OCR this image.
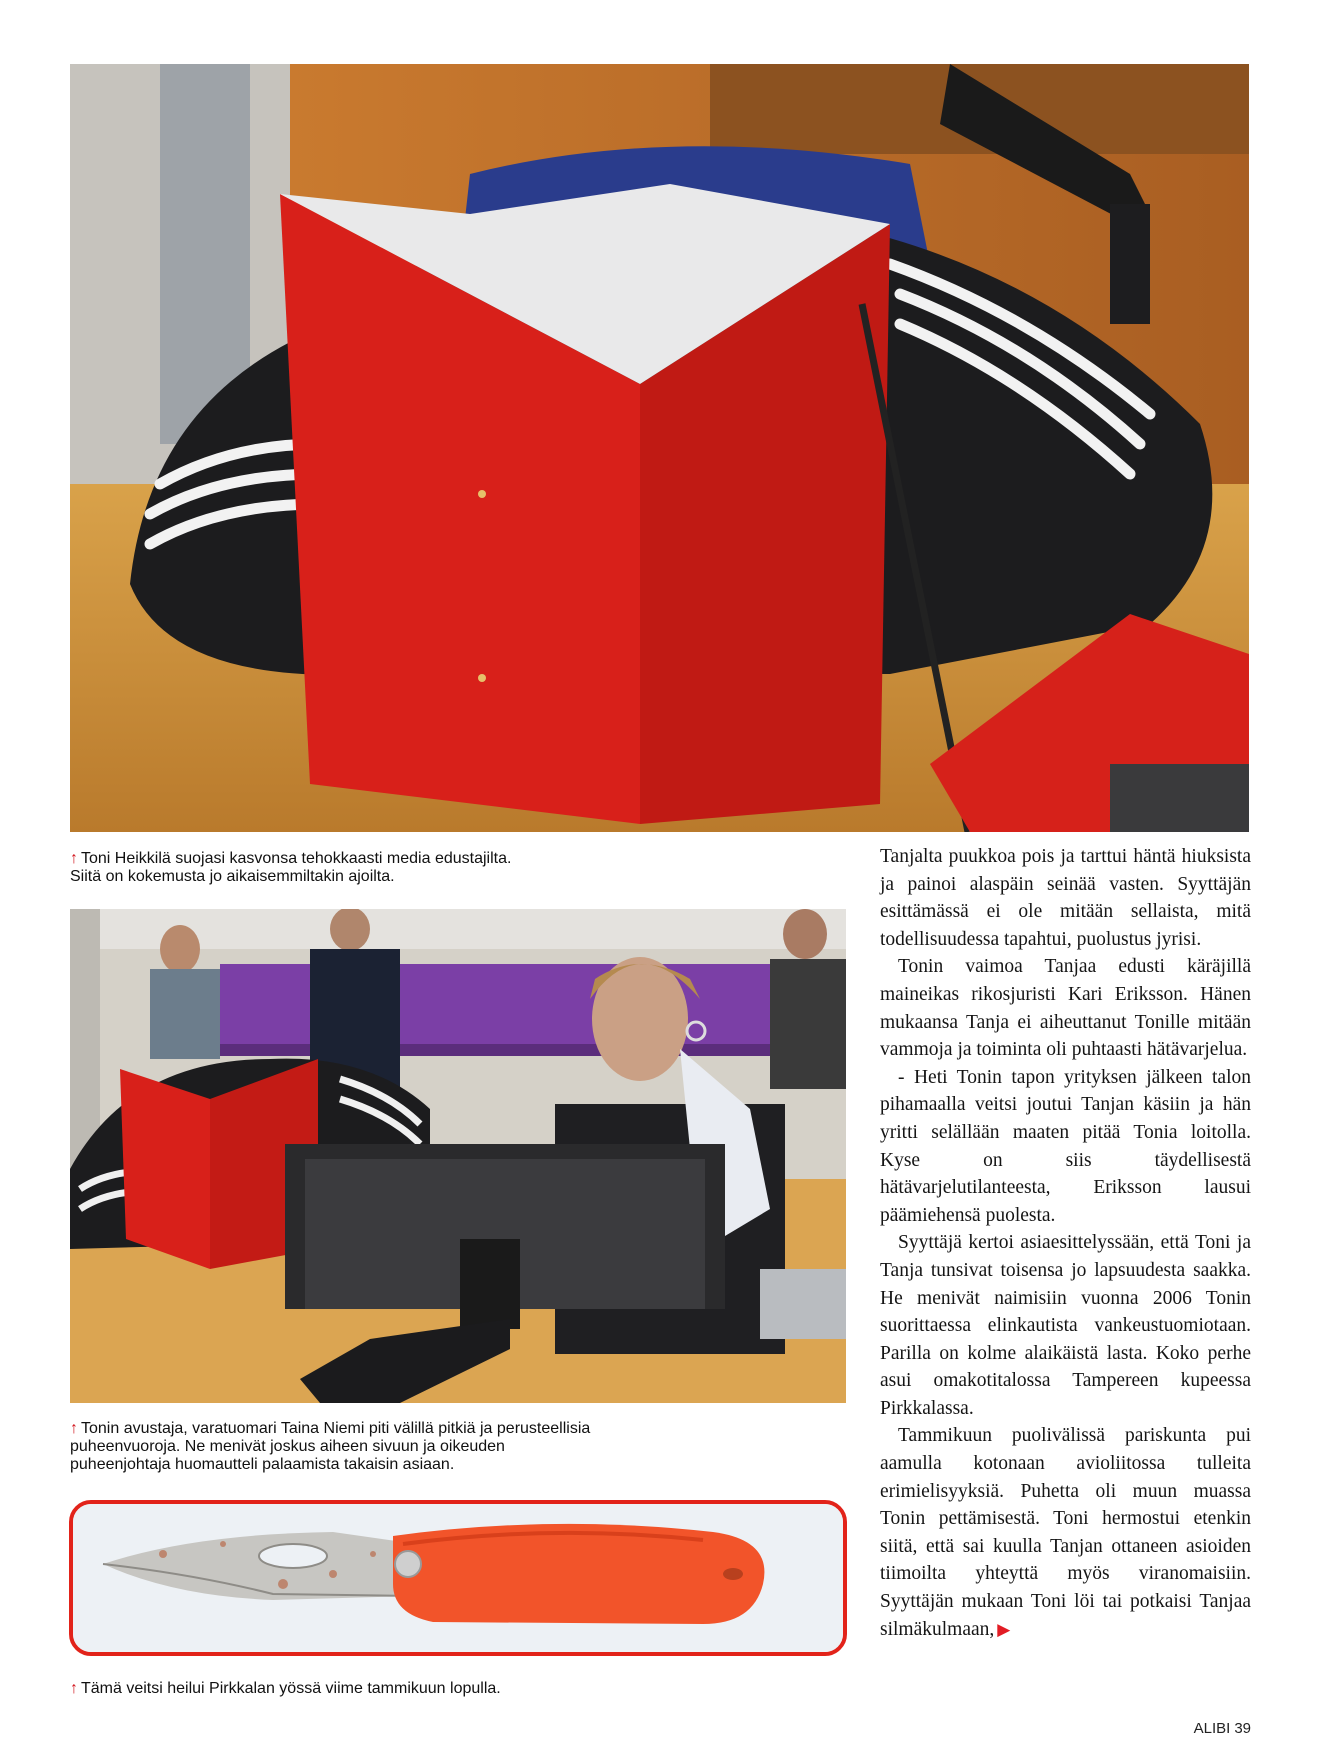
↑ Toni Heikkilä suojasi kasvonsa tehokkaasti media edustajilta.
Siitä on kokemusta jo aikaisemmiltakin ajoilta.
↑ Tonin avustaja, varatuomari Taina Niemi piti välillä pitkiä ja perusteellisia
puheenvuoroja. Ne menivät joskus aiheen sivuun ja oikeuden
puheenjohtaja huomautteli palaamista takaisin asiaan.
↑ Tämä veitsi heilui Pirkkalan yössä viime tammikuun lopulla.

Tanjalta puukkoa pois ja tarttui häntä hiuksista ja painoi alaspäin seinää vasten. Syyttäjän esittämässä ei ole mitään sellaista, mitä todellisuudessa tapahtui, puolustus jyrisi.

Tonin vaimoa Tanjaa edusti käräjillä maineikas rikosjuristi Kari Eriksson. Hänen mukaansa Tanja ei aiheuttanut Tonille mitään vammoja ja toiminta oli puhtaasti hätävarjelua.

- Heti Tonin tapon yrityksen jälkeen talon pihamaalla veitsi joutui Tanjan käsiin ja hän yritti selällään maaten pitää Tonia loitolla. Kyse on siis täydellisestä hätävarjelutilanteesta, Eriksson lausui päämiehensä puolesta.

Syyttäjä kertoi asiaesittelyssään, että Toni ja Tanja tunsivat toisensa jo lapsuudesta saakka. He menivät naimisiin vuonna 2006 Tonin suorittaessa elinkautista vankeustuomiotaan. Parilla on kolme alaikäistä lasta. Koko perhe asui omakotitalossa Tampereen kupeessa Pirkkalassa.

Tammikuun puolivälissä pariskunta pui aamulla kotonaan avioliitossa tulleita erimielisyyksiä. Puhetta oli muun muassa Tonin pettämisestä. Toni hermostui etenkin siitä, että sai kuulla Tanjan ottaneen asioiden tiimoilta yhteyttä myös viranomaisiin. Syyttäjän mukaan Toni löi tai potkaisi Tanjaa silmäkulmaan, ▶

ALIBI 39
